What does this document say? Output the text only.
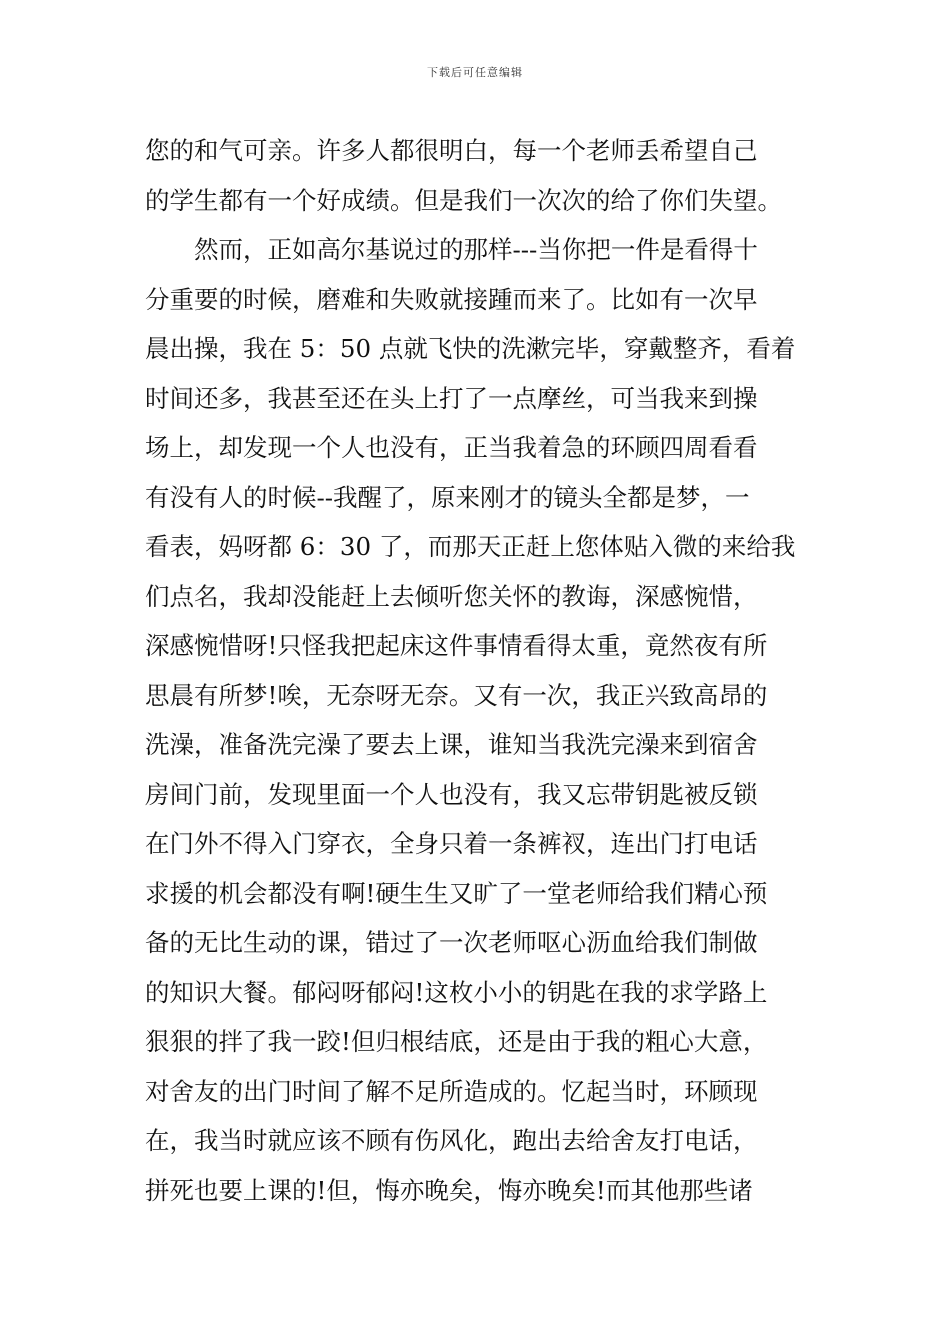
下载后可任意编辑
您的和气可亲。许多人都很明白，每一个老师丢希望自己
的学生都有一个好成绩。但是我们一次次的给了你们失望。
　　然而，正如高尔基说过的那样---当你把一件是看得十
分重要的时候，磨难和失败就接踵而来了。比如有一次早
晨出操，我在 5：50 点就飞快的洗漱完毕，穿戴整齐，看着
时间还多，我甚至还在头上打了一点摩丝，可当我来到操
场上，却发现一个人也没有，正当我着急的环顾四周看看
有没有人的时候--我醒了，原来刚才的镜头全都是梦，一
看表，妈呀都 6：30 了，而那天正赶上您体贴入微的来给我
们点名，我却没能赶上去倾听您关怀的教诲，深感惋惜，
深感惋惜呀!只怪我把起床这件事情看得太重，竟然夜有所
思晨有所梦!唉，无奈呀无奈。又有一次，我正兴致高昂的
洗澡，准备洗完澡了要去上课，谁知当我洗完澡来到宿舍
房间门前，发现里面一个人也没有，我又忘带钥匙被反锁
在门外不得入门穿衣，全身只着一条裤衩，连出门打电话
求援的机会都没有啊!硬生生又旷了一堂老师给我们精心预
备的无比生动的课，错过了一次老师呕心沥血给我们制做
的知识大餐。郁闷呀郁闷!这枚小小的钥匙在我的求学路上
狠狠的拌了我一跤!但归根结底，还是由于我的粗心大意，
对舍友的出门时间了解不足所造成的。忆起当时，环顾现
在，我当时就应该不顾有伤风化，跑出去给舍友打电话，
拼死也要上课的!但，悔亦晚矣，悔亦晚矣!而其他那些诸
